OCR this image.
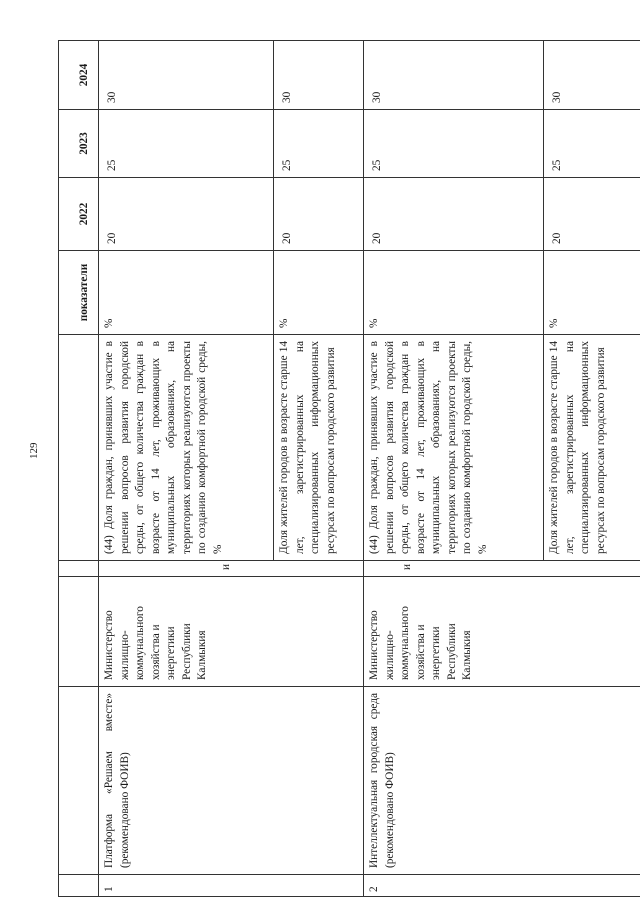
129
					показатели	2022	2023	2024
1	Платформа «Решаем вместе» (рекомендовано ФОИВ)	Министерство жилищно-коммунального хозяйства и энергетики Республики Калмыкия	и	(44) Доля граждан, принявших участие в решении вопросов развития городской среды, от общего количества граждан в возрасте от 14 лет, проживающих в муниципальных образованиях, на территориях которых реализуются проекты по созданию комфортной городской среды, %	%	20	25	30
				Доля жителей городов в возрасте старше 14 лет, зарегистрированных на специализированных информационных ресурсах по вопросам городского развития	%	20	25	30
2	Интеллектуальная городская среда (рекомендовано ФОИВ)	Министерство жилищно-коммунального хозяйства и энергетики Республики Калмыкия	и	(44) Доля граждан, принявших участие в решении вопросов развития городской среды, от общего количества граждан в возрасте от 14 лет, проживающих в муниципальных образованиях, на территориях которых реализуются проекты по созданию комфортной городской среды, %	%	20	25	30
				Доля жителей городов в возрасте старше 14 лет, зарегистрированных на специализированных информационных ресурсах по вопросам городского развития	%	20	25	30
